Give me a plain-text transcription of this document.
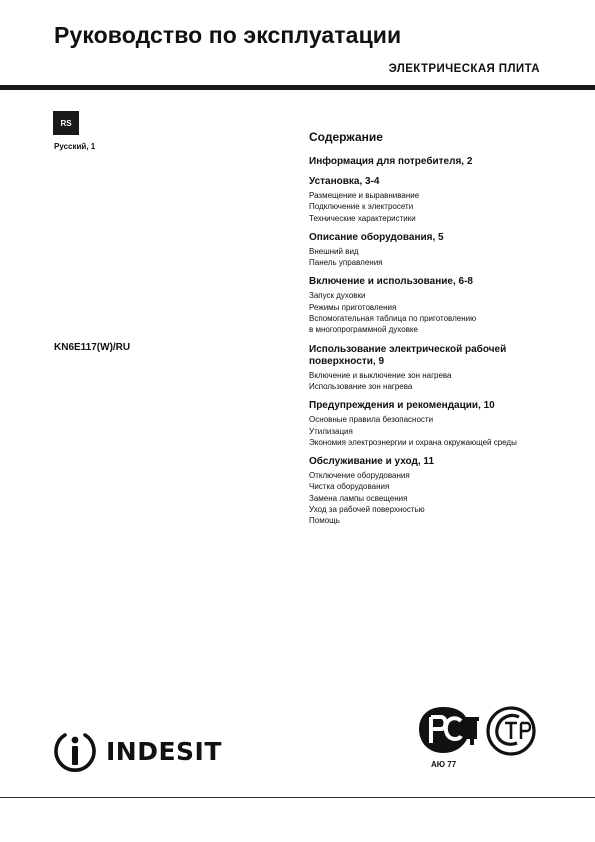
Руководство по эксплуатации
ЭЛЕКТРИЧЕСКАЯ ПЛИТА
RS
Русский, 1
KN6E117(W)/RU
Содержание
Информация для потребителя, 2
Установка, 3-4
Размещение и выравнивание
Подключение к электросети
Технические характеристики
Описание оборудования, 5
Внешний вид
Панель управления
Включение и использование, 6-8
Запуск духовки
Режимы приготовления
Вспомогательная таблица по приготовлению
в многопрограммной духовке
Использование электрической рабочей поверхности, 9
Включение и выключение зон нагрева
Использование зон нагрева
Предупреждения и рекомендации, 10
Основные правила безопасности
Утилизация
Экономия электроэнергии и охрана окружающей среды
Обслуживание и уход, 11
Отключение оборудования
Чистка оборудования
Замена лампы освещения
Уход за рабочей поверхностью
Помощь
INDESIT	АЮ 77
